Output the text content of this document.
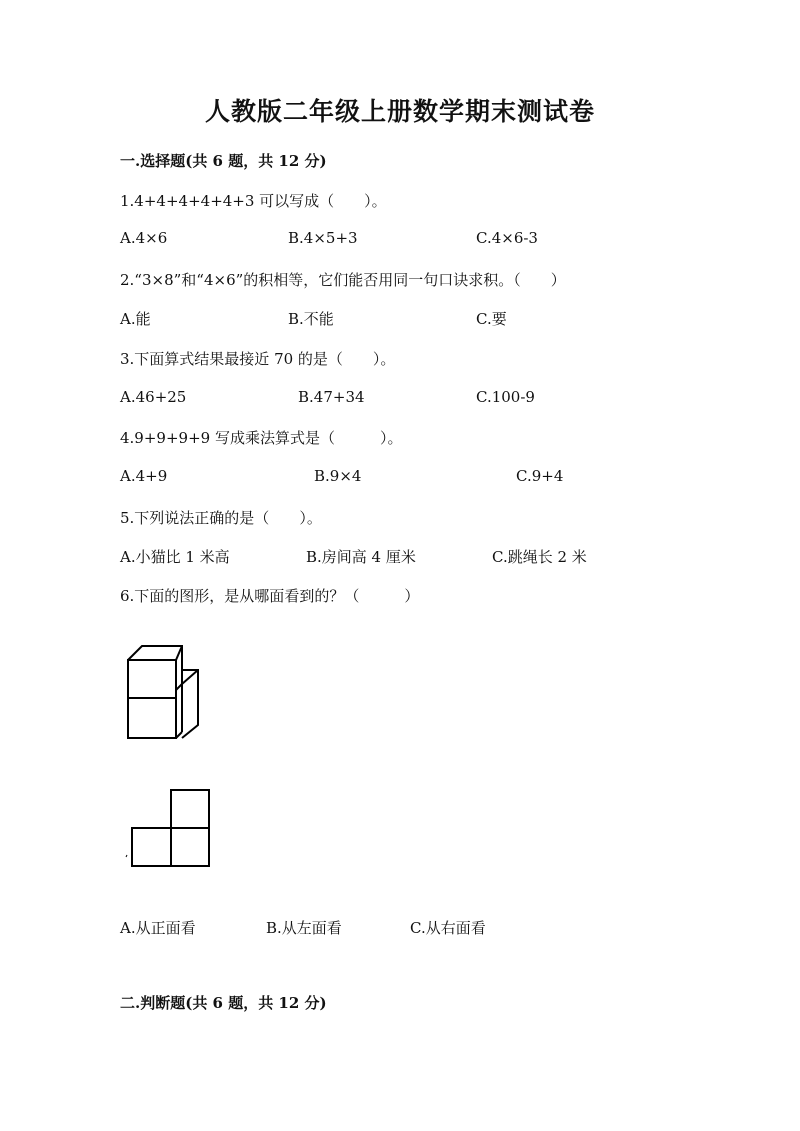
人教版二年级上册数学期末测试卷
一.选择题(共 6 题，共 12 分)
1.4+4+4+4+4+3 可以写成（　　）。
A.4×6	B.4×5+3	C.4×6-3
2.“3×8”和“4×6”的积相等，它们能否用同一句口诀求积。（　　）
A.能	B.不能	C.要
3.下面算式结果最接近 70 的是（　　）。
A.46+25	B.47+34	C.100-9
4.9+9+9+9 写成乘法算式是（　　　）。
A.4+9	B.9×4	C.9+4
5.下列说法正确的是（　　）。
A.小猫比 1 米高	B.房间高 4 厘米	C.跳绳长 2 米
6.下面的图形，是从哪面看到的？（　　　）
A.从正面看	B.从左面看	C.从右面看
二.判断题(共 6 题，共 12 分)
